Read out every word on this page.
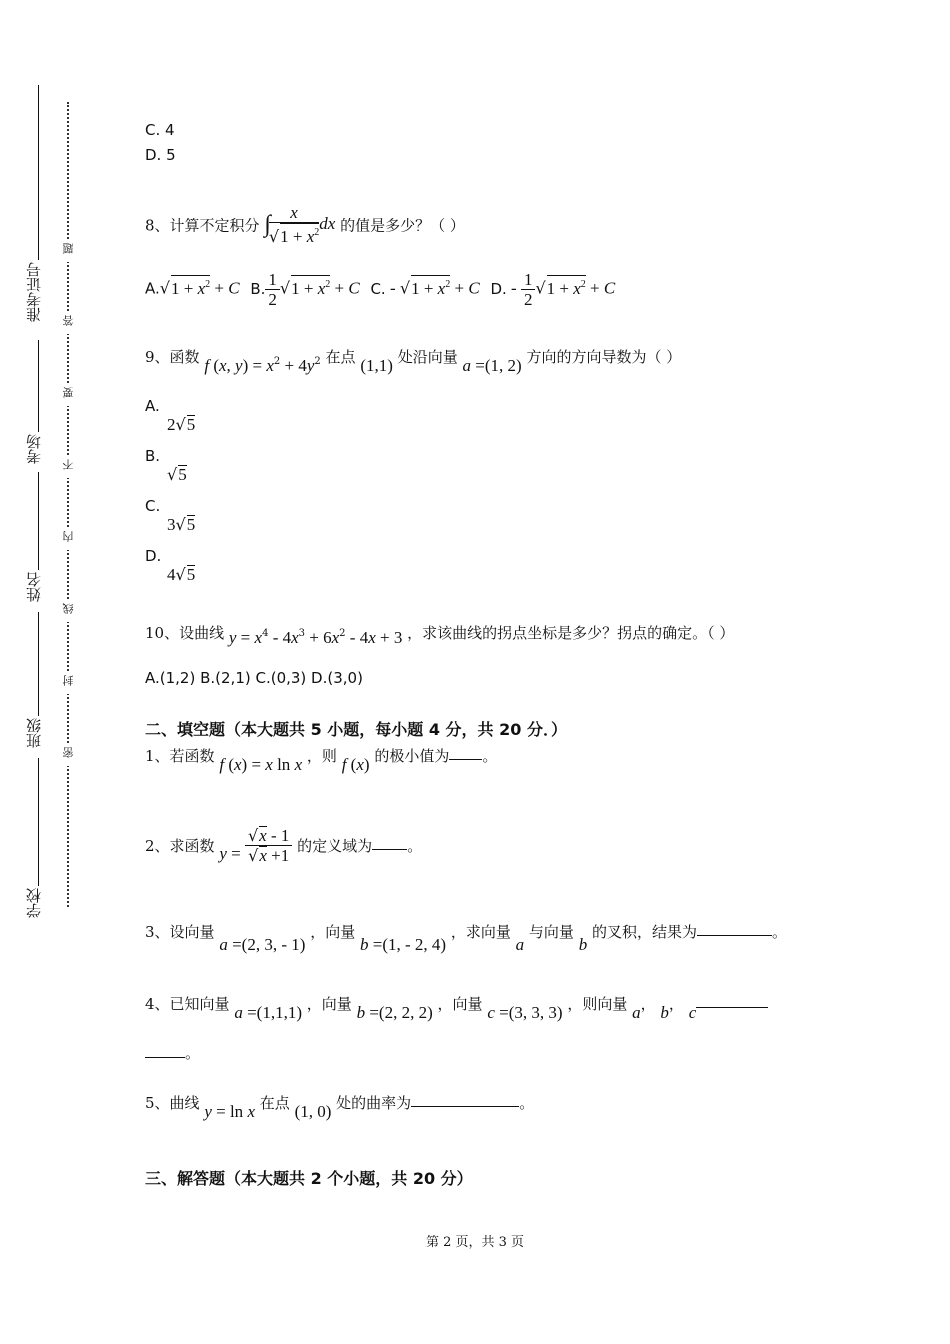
准考证号
考场
姓名
班级
学校
题
答
要
不
内
线
封
密
C. 4
D. 5
8、计算不定积分 ∫
$\frac{x}{√1 + x^2}$ dx 的值是多少？（ ）
$A.√1 + x^2 + C$ B. $\frac{1}{2} √1 + x^2 + C$ C. - $√1 + x^2 + C$ D. - $\frac{1}{2} √1 + x^2 + C$
9、函数 f (x, $y) = x^2 + 4y^2$ 在点 (1,1) 处沿向量 a =(1, 2) 方向的方向导数为（ ）
A.
2√5
B.
√5
C.
3√5
D.
4√5
10、设曲线 $y = x^4 - 4x^3 + 6x^2 - 4x + 3$ ，求该曲线的拐点坐标是多少？拐点的确定。（ ）
A.(1,2) B.(2,1) C.(0,3) D.(3,0)
二、填空题（本大题共 5 小题，每小题 4 分，共 20 分．）
1、若函数 f (x) = x ln x ，则 f (x) 的极小值为 。
2、求函数 $y = \frac{√x - 1}{√x +1}$ 的定义域为 。
3、设向量 a =(2, 3, - 1) ，向量 b =(1, - 2, 4) ，求向量 a 与向量 b 的叉积，结果为	。
4、已知向量 a =(1,1,1) ，向量 b =(2, 2, 2) ，向量 c =(3, 3, 3) ，则向量 a， b， c
。
5、曲线 y = ln x 在点 (1, 0) 处的曲率为	。
三、解答题（本大题共 2 个小题，共 20 分）
第 2 页，共 3 页
